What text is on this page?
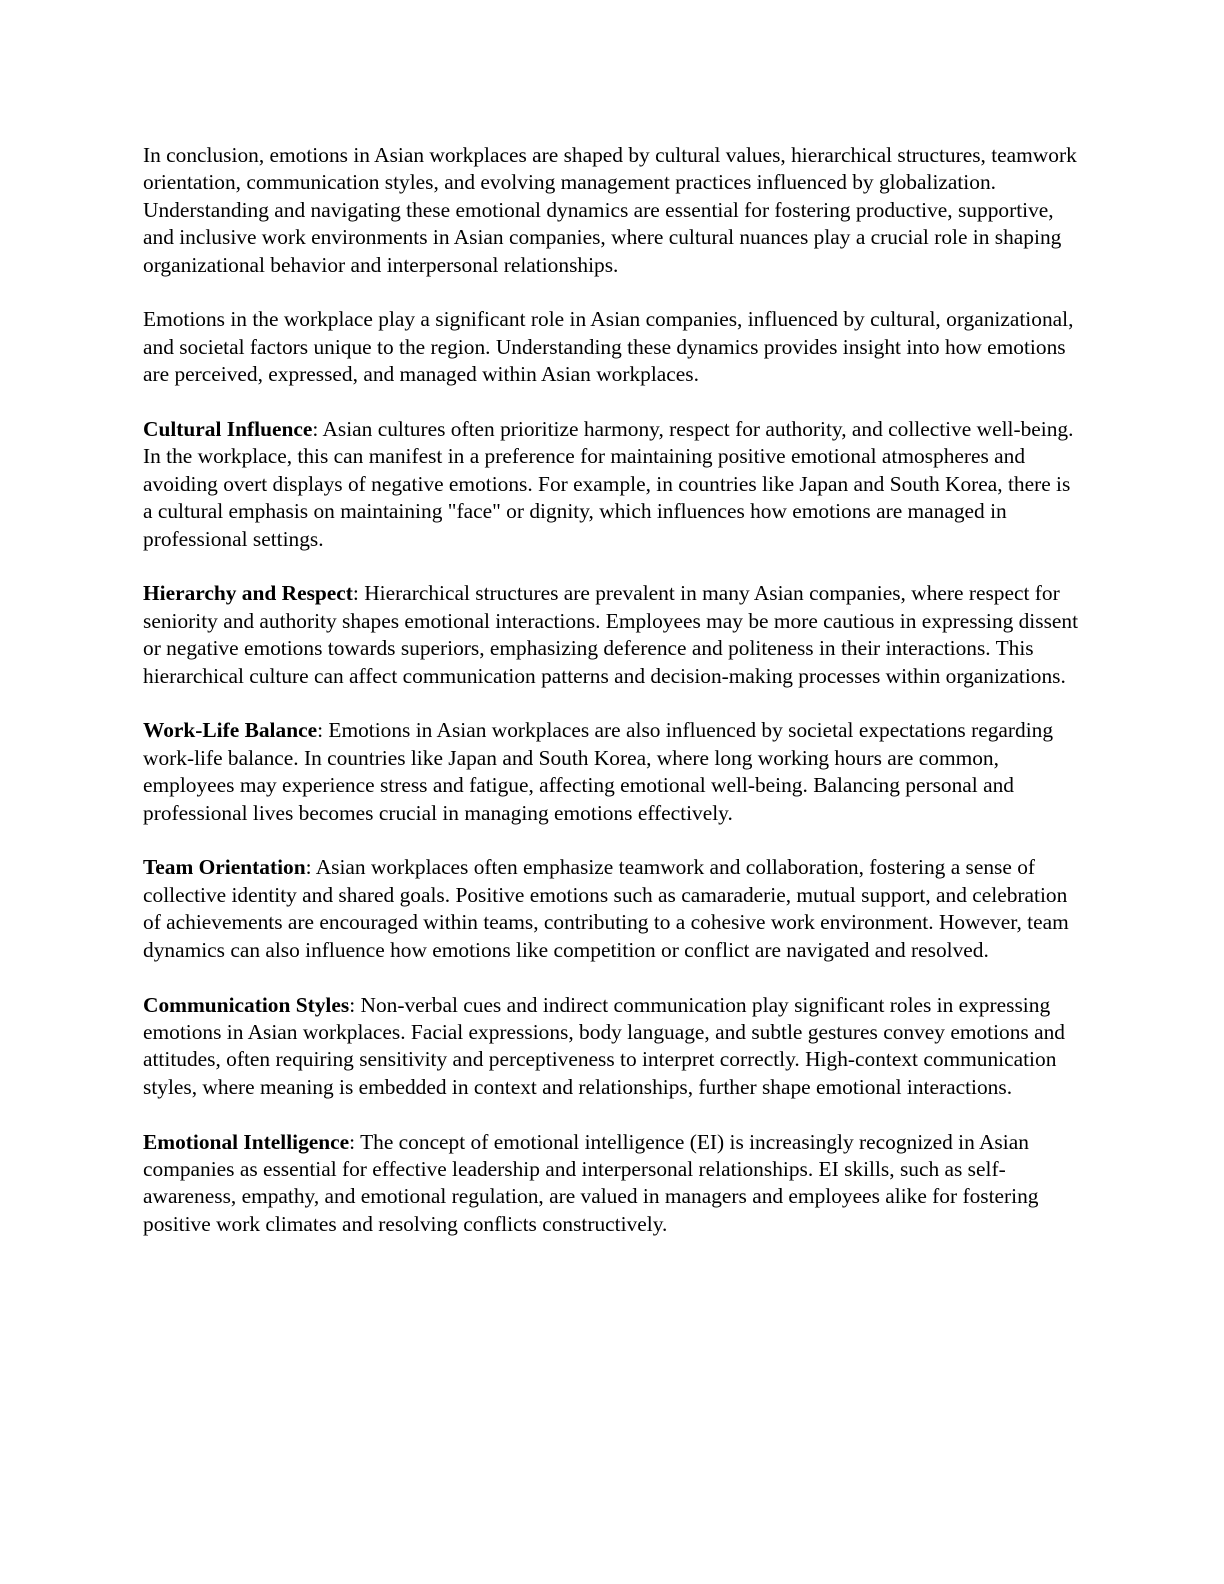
In conclusion, emotions in Asian workplaces are shaped by cultural values, hierarchical structures, teamwork orientation, communication styles, and evolving management practices influenced by globalization. Understanding and navigating these emotional dynamics are essential for fostering productive, supportive, and inclusive work environments in Asian companies, where cultural nuances play a crucial role in shaping organizational behavior and interpersonal relationships.

Emotions in the workplace play a significant role in Asian companies, influenced by cultural, organizational, and societal factors unique to the region. Understanding these dynamics provides insight into how emotions are perceived, expressed, and managed within Asian workplaces.

Cultural Influence: Asian cultures often prioritize harmony, respect for authority, and collective well-being. In the workplace, this can manifest in a preference for maintaining positive emotional atmospheres and avoiding overt displays of negative emotions. For example, in countries like Japan and South Korea, there is a cultural emphasis on maintaining "face" or dignity, which influences how emotions are managed in professional settings.

Hierarchy and Respect: Hierarchical structures are prevalent in many Asian companies, where respect for seniority and authority shapes emotional interactions. Employees may be more cautious in expressing dissent or negative emotions towards superiors, emphasizing deference and politeness in their interactions. This hierarchical culture can affect communication patterns and decision-making processes within organizations.

Work-Life Balance: Emotions in Asian workplaces are also influenced by societal expectations regarding work-life balance. In countries like Japan and South Korea, where long working hours are common, employees may experience stress and fatigue, affecting emotional well-being. Balancing personal and professional lives becomes crucial in managing emotions effectively.

Team Orientation: Asian workplaces often emphasize teamwork and collaboration, fostering a sense of collective identity and shared goals. Positive emotions such as camaraderie, mutual support, and celebration of achievements are encouraged within teams, contributing to a cohesive work environment. However, team dynamics can also influence how emotions like competition or conflict are navigated and resolved.

Communication Styles: Non-verbal cues and indirect communication play significant roles in expressing emotions in Asian workplaces. Facial expressions, body language, and subtle gestures convey emotions and attitudes, often requiring sensitivity and perceptiveness to interpret correctly. High-context communication styles, where meaning is embedded in context and relationships, further shape emotional interactions.

Emotional Intelligence: The concept of emotional intelligence (EI) is increasingly recognized in Asian companies as essential for effective leadership and interpersonal relationships. EI skills, such as self-awareness, empathy, and emotional regulation, are valued in managers and employees alike for fostering positive work climates and resolving conflicts constructively.
